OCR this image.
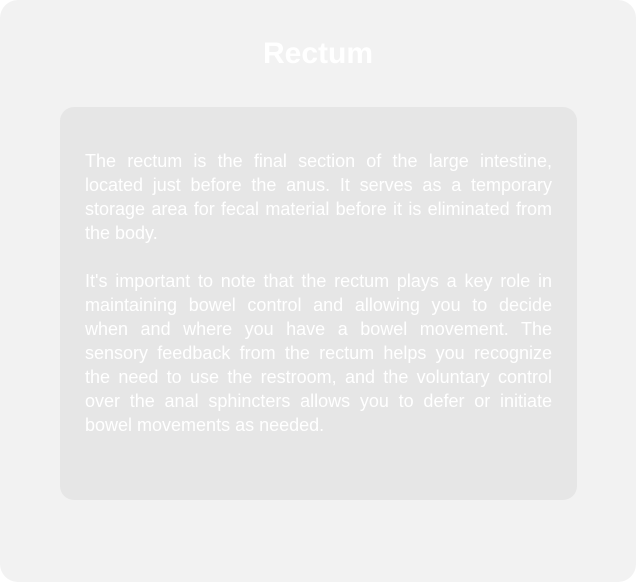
Rectum

The rectum is the final section of the large intestine, located just before the anus. It serves as a temporary storage area for fecal material before it is eliminated from the body.

It's important to note that the rectum plays a key role in maintaining bowel control and allowing you to decide when and where you have a bowel movement. The sensory feedback from the rectum helps you recognize the need to use the restroom, and the voluntary control over the anal sphincters allows you to defer or initiate bowel movements as needed.
